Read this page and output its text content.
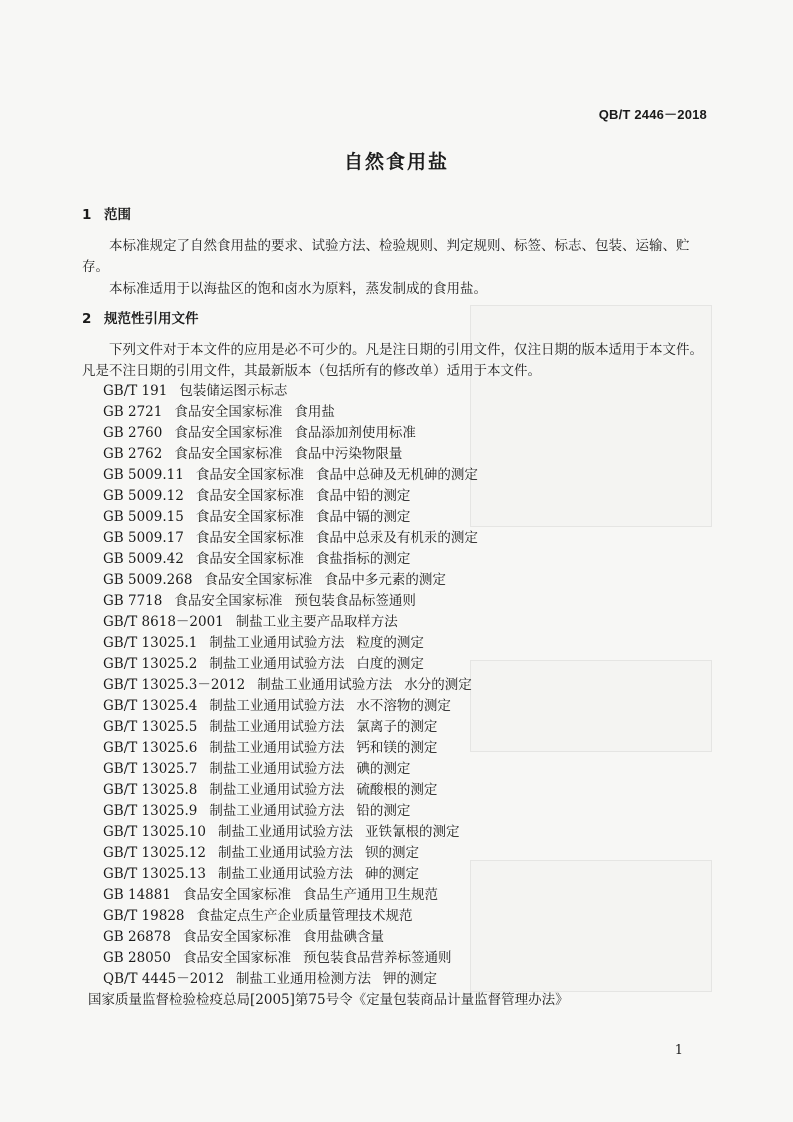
QB/T 2446－2018
自然食用盐
1 范围
本标准规定了自然食用盐的要求、试验方法、检验规则、判定规则、标签、标志、包装、运输、贮存。
本标准适用于以海盐区的饱和卤水为原料，蒸发制成的食用盐。
2 规范性引用文件
下列文件对于本文件的应用是必不可少的。凡是注日期的引用文件，仅注日期的版本适用于本文件。凡是不注日期的引用文件，其最新版本（包括所有的修改单）适用于本文件。
GB/T 191 包装储运图示标志
GB 2721 食品安全国家标准 食用盐
GB 2760 食品安全国家标准 食品添加剂使用标准
GB 2762 食品安全国家标准 食品中污染物限量
GB 5009.11 食品安全国家标准 食品中总砷及无机砷的测定
GB 5009.12 食品安全国家标准 食品中铅的测定
GB 5009.15 食品安全国家标准 食品中镉的测定
GB 5009.17 食品安全国家标准 食品中总汞及有机汞的测定
GB 5009.42 食品安全国家标准 食盐指标的测定
GB 5009.268 食品安全国家标准 食品中多元素的测定
GB 7718 食品安全国家标准 预包装食品标签通则
GB/T 8618－2001 制盐工业主要产品取样方法
GB/T 13025.1 制盐工业通用试验方法 粒度的测定
GB/T 13025.2 制盐工业通用试验方法 白度的测定
GB/T 13025.3－2012 制盐工业通用试验方法 水分的测定
GB/T 13025.4 制盐工业通用试验方法 水不溶物的测定
GB/T 13025.5 制盐工业通用试验方法 氯离子的测定
GB/T 13025.6 制盐工业通用试验方法 钙和镁的测定
GB/T 13025.7 制盐工业通用试验方法 碘的测定
GB/T 13025.8 制盐工业通用试验方法 硫酸根的测定
GB/T 13025.9 制盐工业通用试验方法 铅的测定
GB/T 13025.10 制盐工业通用试验方法 亚铁氰根的测定
GB/T 13025.12 制盐工业通用试验方法 钡的测定
GB/T 13025.13 制盐工业通用试验方法 砷的测定
GB 14881 食品安全国家标准 食品生产通用卫生规范
GB/T 19828 食盐定点生产企业质量管理技术规范
GB 26878 食品安全国家标准 食用盐碘含量
GB 28050 食品安全国家标准 预包装食品营养标签通则
QB/T 4445－2012 制盐工业通用检测方法 钾的测定
国家质量监督检验检疫总局[2005]第75号令《定量包装商品计量监督管理办法》
1
